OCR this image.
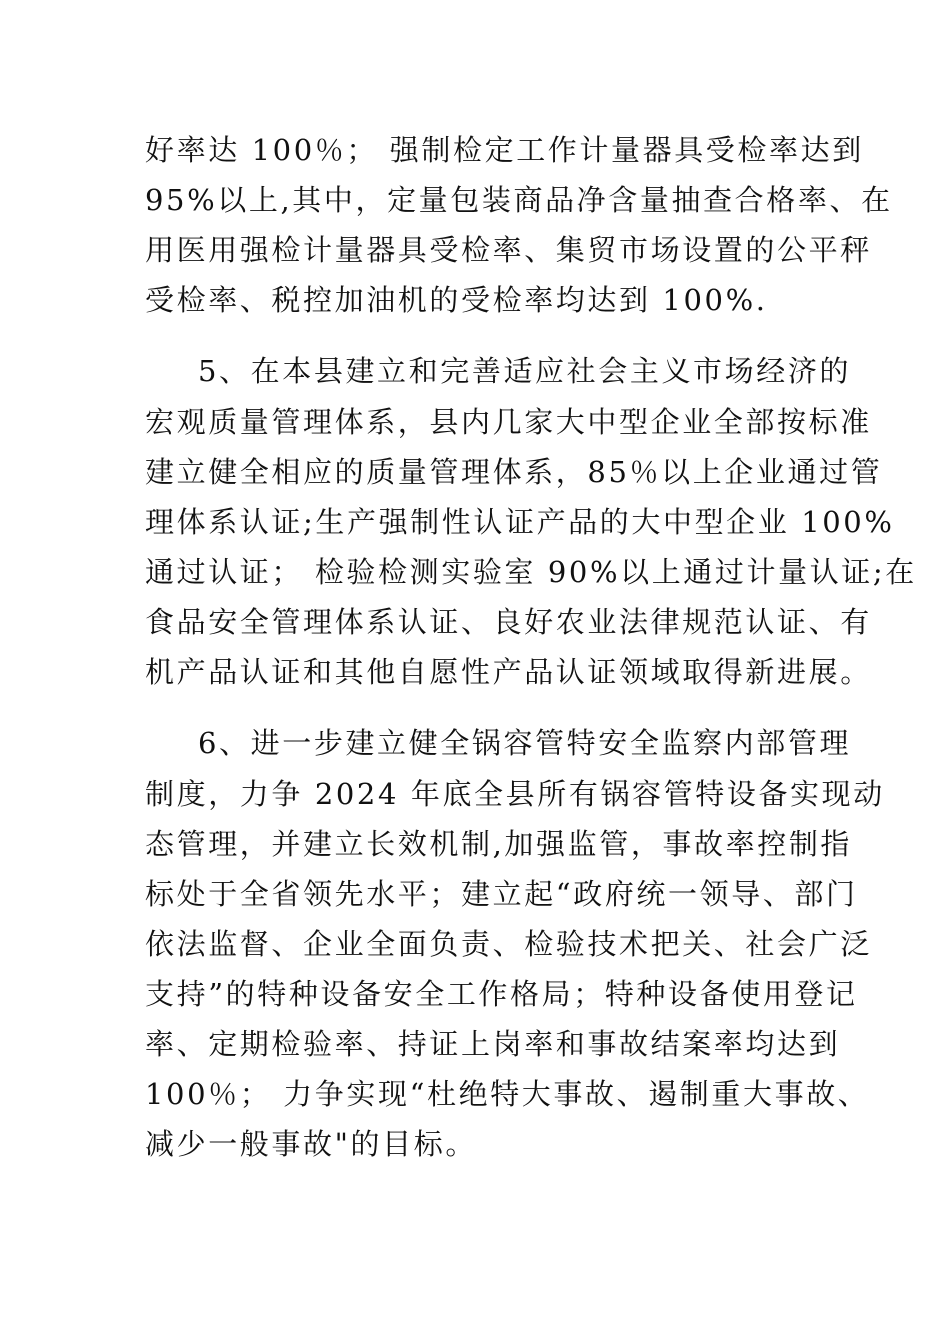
好率达 100％； 强制检定工作计量器具受检率达到
95%以上,其中，定量包装商品净含量抽查合格率、在
用医用强检计量器具受检率、集贸市场设置的公平秤
受检率、税控加油机的受检率均达到 100%.
5、在本县建立和完善适应社会主义市场经济的
宏观质量管理体系，县内几家大中型企业全部按标准
建立健全相应的质量管理体系，85％以上企业通过管
理体系认证;生产强制性认证产品的大中型企业 100%
通过认证； 检验检测实验室 90%以上通过计量认证;在
食品安全管理体系认证、良好农业法律规范认证、有
机产品认证和其他自愿性产品认证领域取得新进展。
6、进一步建立健全锅容管特安全监察内部管理
制度，力争 2024 年底全县所有锅容管特设备实现动
态管理，并建立长效机制,加强监管，事故率控制指
标处于全省领先水平；建立起“政府统一领导、部门
依法监督、企业全面负责、检验技术把关、社会广泛
支持”的特种设备安全工作格局；特种设备使用登记
率、定期检验率、持证上岗率和事故结案率均达到
100％； 力争实现“杜绝特大事故、遏制重大事故、
减少一般事故"的目标。
